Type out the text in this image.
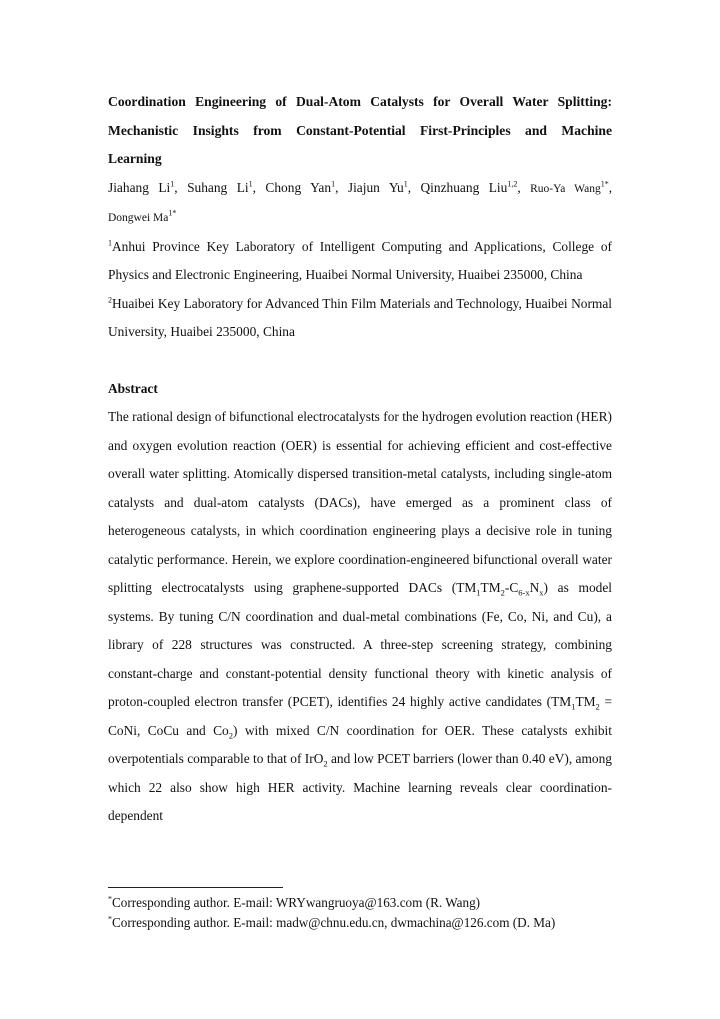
Coordination Engineering of Dual-Atom Catalysts for Overall Water Splitting:
Mechanistic Insights from Constant-Potential First-Principles and Machine
Learning

Jiahang Li$^1$, Suhang Li$^1$, Chong Yan$^1$, Jiajun Yu$^1$, Qinzhuang Liu$^{1,2}$, Ruo-Ya Wang$^{1*}$,
Dongwei $Ma^{1*}$

$^1$Anhui Province Key Laboratory of Intelligent Computing and Applications, College of Physics and Electronic Engineering, Huaibei Normal University, Huaibei 235000, China

$^2$Huaibei Key Laboratory for Advanced Thin Film Materials and Technology, Huaibei Normal University, Huaibei 235000, China

Abstract

The rational design of bifunctional electrocatalysts for the hydrogen evolution reaction (HER) and oxygen evolution reaction (OER) is essential for achieving efficient and cost-effective overall water splitting. Atomically dispersed transition-metal catalysts, including single-atom catalysts and dual-atom catalysts (DACs), have emerged as a prominent class of heterogeneous catalysts, in which coordination engineering plays a decisive role in tuning catalytic performance. Herein, we explore coordination-engineered bifunctional overall water splitting electrocatalysts using graphene-supported DACs $(TM_1TM_2-C_{6-x}N_x)$ as model systems. By tuning C/N coordination and dual-metal combinations (Fe, Co, Ni, and Cu), a library of 228 structures was constructed. A three-step screening strategy, combining constant-charge and constant-potential density functional theory with kinetic analysis of proton-coupled electron transfer (PCET), identifies 24 highly active candidates ($TM_1TM_2$ = CoNi, CoCu and $Co_2$) with mixed C/N coordination for OER. These catalysts exhibit overpotentials comparable to that of IrO$_2$ and low PCET barriers (lower than 0.40 eV), among which 22 also show high HER activity. Machine learning reveals clear coordination-dependent

*Corresponding author. E-mail: WRYwangruoya@163.com (R. Wang)
*Corresponding author. E-mail: madw@chnu.edu.cn, dwmachina@126.com (D. Ma)
